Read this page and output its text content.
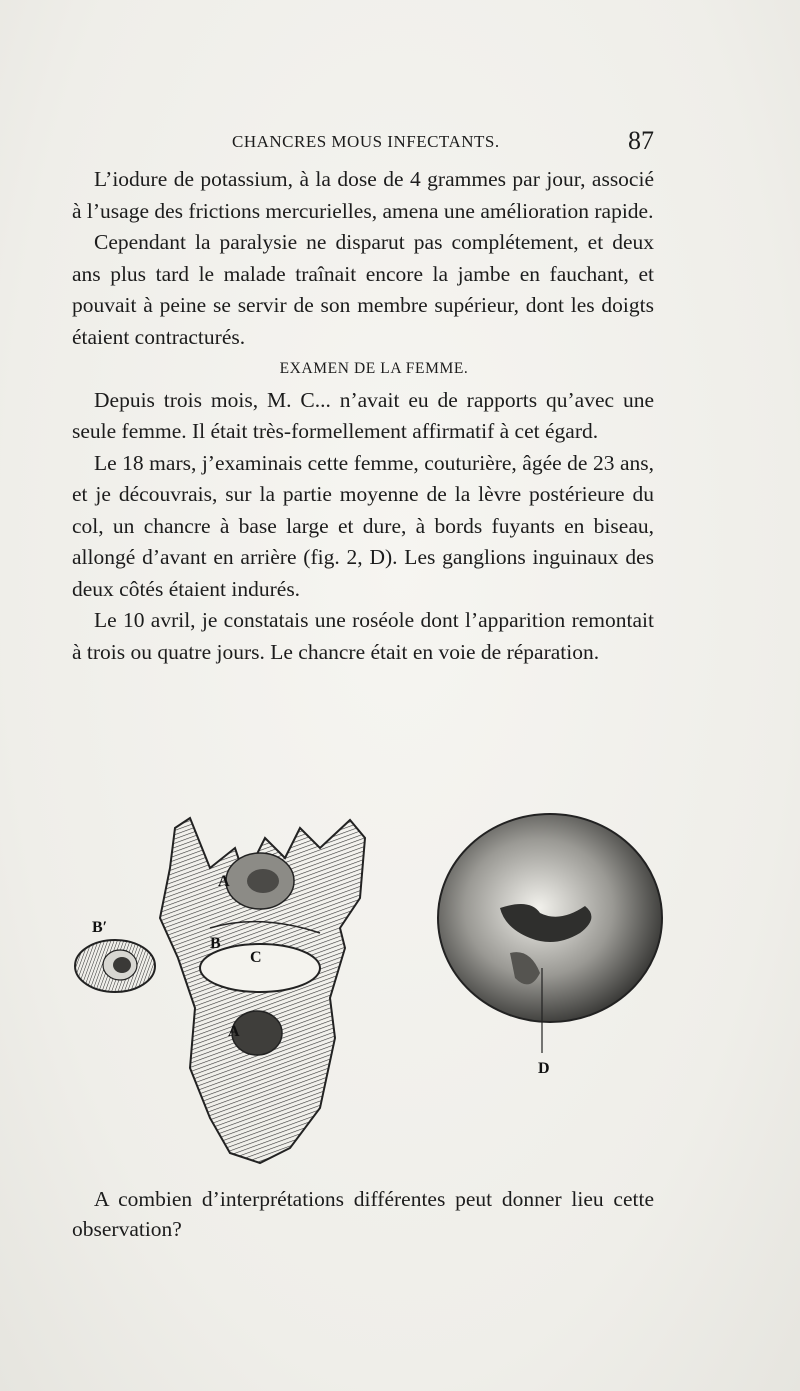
CHANCRES MOUS INFECTANTS.	87

L’iodure de potassium, à la dose de 4 grammes par jour, associé à l’usage des frictions mercurielles, amena une amélioration rapide.

Cependant la paralysie ne disparut pas complétement, et deux ans plus tard le malade traînait encore la jambe en fauchant, et pouvait à peine se servir de son membre supérieur, dont les doigts étaient contracturés.

EXAMEN DE LA FEMME.

Depuis trois mois, M. C... n’avait eu de rapports qu’avec une seule femme. Il était très-formellement affirmatif à cet égard.

Le 18 mars, j’examinais cette femme, couturière, âgée de 23 ans, et je découvrais, sur la partie moyenne de la lèvre postérieure du col, un chancre à base large et dure, à bords fuyants en biseau, allongé d’avant en arrière (fig. 2, D). Les ganglions inguinaux des deux côtés étaient indurés.

Le 10 avril, je constatais une roséole dont l’apparition remontait à trois ou quatre jours. Le chancre était en voie de réparation.

A
B
C
A
B′
D

A combien d’interprétations différentes peut donner lieu cette observation?
